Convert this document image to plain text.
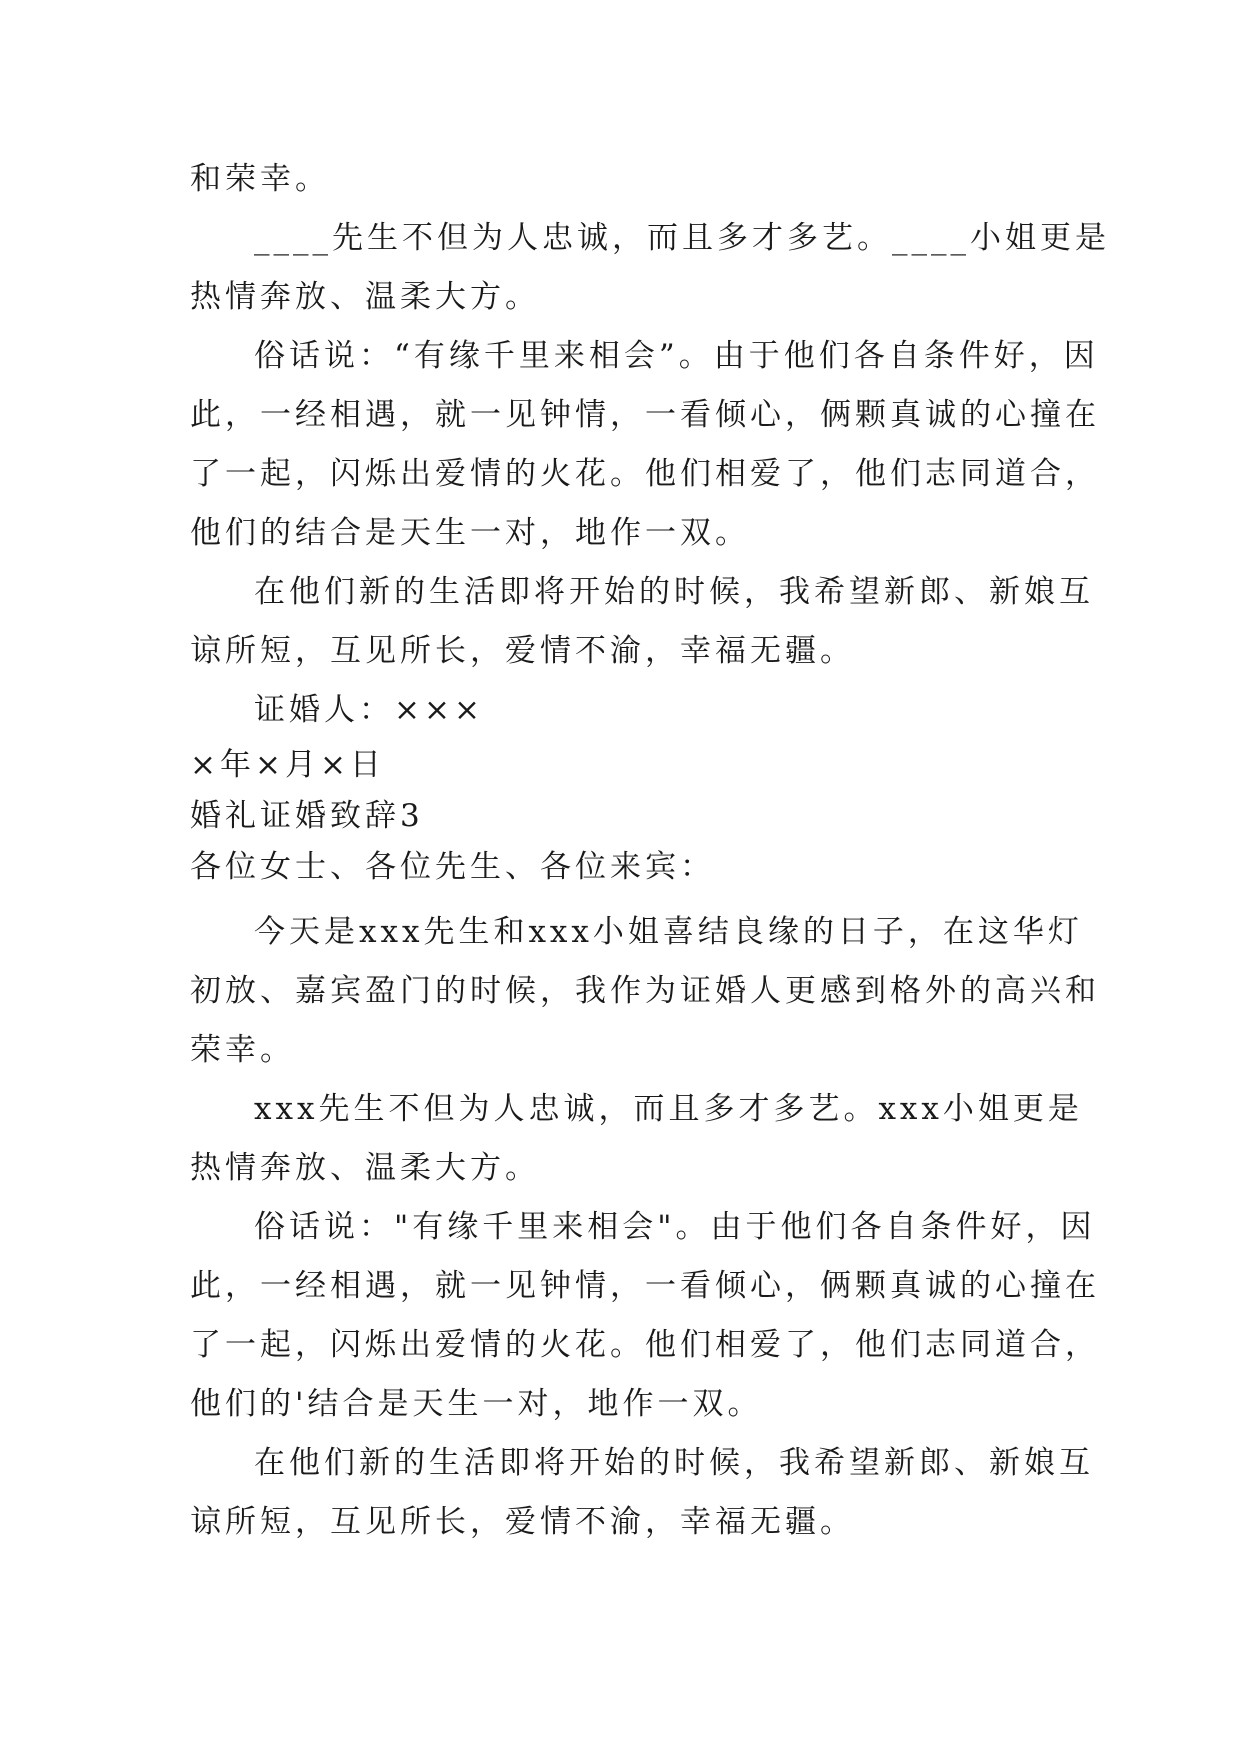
和荣幸。
____先生不但为人忠诚，而且多才多艺。____小姐更是
热情奔放、温柔大方。
俗话说：“有缘千里来相会”。由于他们各自条件好，因
此，一经相遇，就一见钟情，一看倾心，俩颗真诚的心撞在
了一起，闪烁出爱情的火花。他们相爱了，他们志同道合，
他们的结合是天生一对，地作一双。
在他们新的生活即将开始的时候，我希望新郎、新娘互
谅所短，互见所长，爱情不渝，幸福无疆。
证婚人：×××
×年×月×日
婚礼证婚致辞3
各位女士、各位先生、各位来宾：
今天是xxx先生和xxx小姐喜结良缘的日子，在这华灯
初放、嘉宾盈门的时候，我作为证婚人更感到格外的高兴和
荣幸。
xxx先生不但为人忠诚，而且多才多艺。xxx小姐更是
热情奔放、温柔大方。
俗话说："有缘千里来相会"。由于他们各自条件好，因
此，一经相遇，就一见钟情，一看倾心，俩颗真诚的心撞在
了一起，闪烁出爱情的火花。他们相爱了，他们志同道合，
他们的'结合是天生一对，地作一双。
在他们新的生活即将开始的时候，我希望新郎、新娘互
谅所短，互见所长，爱情不渝，幸福无疆。
